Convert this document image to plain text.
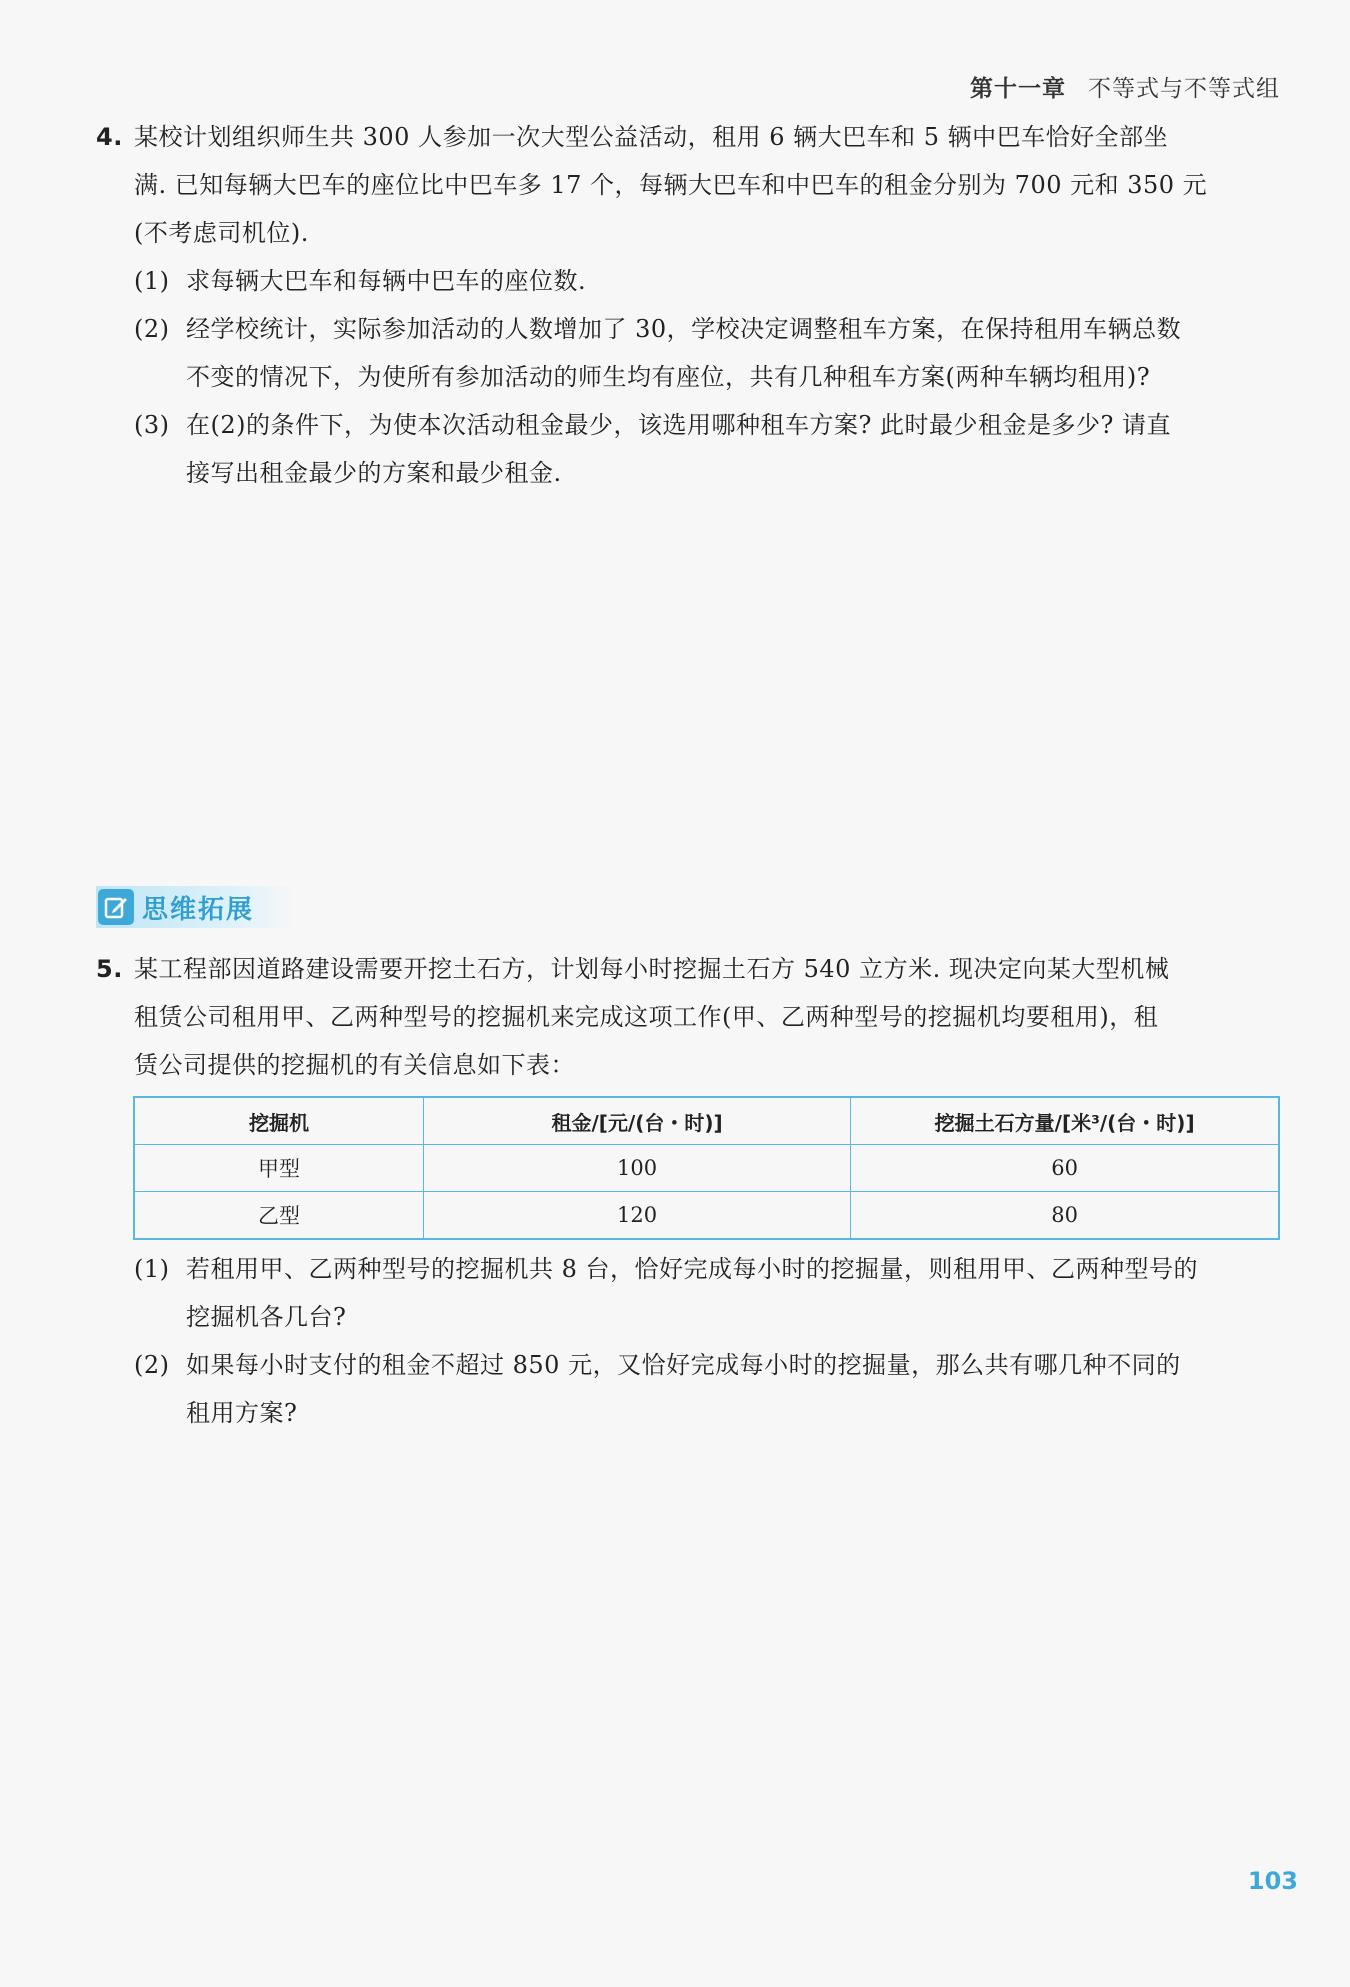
第十一章 不等式与不等式组
4. 某校计划组织师生共 300 人参加一次大型公益活动，租用 6 辆大巴车和 5 辆中巴车恰好全部坐
满. 已知每辆大巴车的座位比中巴车多 17 个，每辆大巴车和中巴车的租金分别为 700 元和 350 元
(不考虑司机位).
(1) 求每辆大巴车和每辆中巴车的座位数.
(2) 经学校统计，实际参加活动的人数增加了 30，学校决定调整租车方案，在保持租用车辆总数
不变的情况下，为使所有参加活动的师生均有座位，共有几种租车方案(两种车辆均租用)?
(3) 在(2)的条件下，为使本次活动租金最少，该选用哪种租车方案? 此时最少租金是多少? 请直
接写出租金最少的方案和最少租金.
思维拓展
5. 某工程部因道路建设需要开挖土石方，计划每小时挖掘土石方 540 立方米. 现决定向某大型机械
租赁公司租用甲、乙两种型号的挖掘机来完成这项工作(甲、乙两种型号的挖掘机均要租用)，租
赁公司提供的挖掘机的有关信息如下表：
挖掘机	租金/[元/(台・时)]	挖掘土石方量/[米³/(台・时)]
甲型	100	60
乙型	120	80
(1) 若租用甲、乙两种型号的挖掘机共 8 台，恰好完成每小时的挖掘量，则租用甲、乙两种型号的
挖掘机各几台?
(2) 如果每小时支付的租金不超过 850 元，又恰好完成每小时的挖掘量，那么共有哪几种不同的
租用方案?
103
